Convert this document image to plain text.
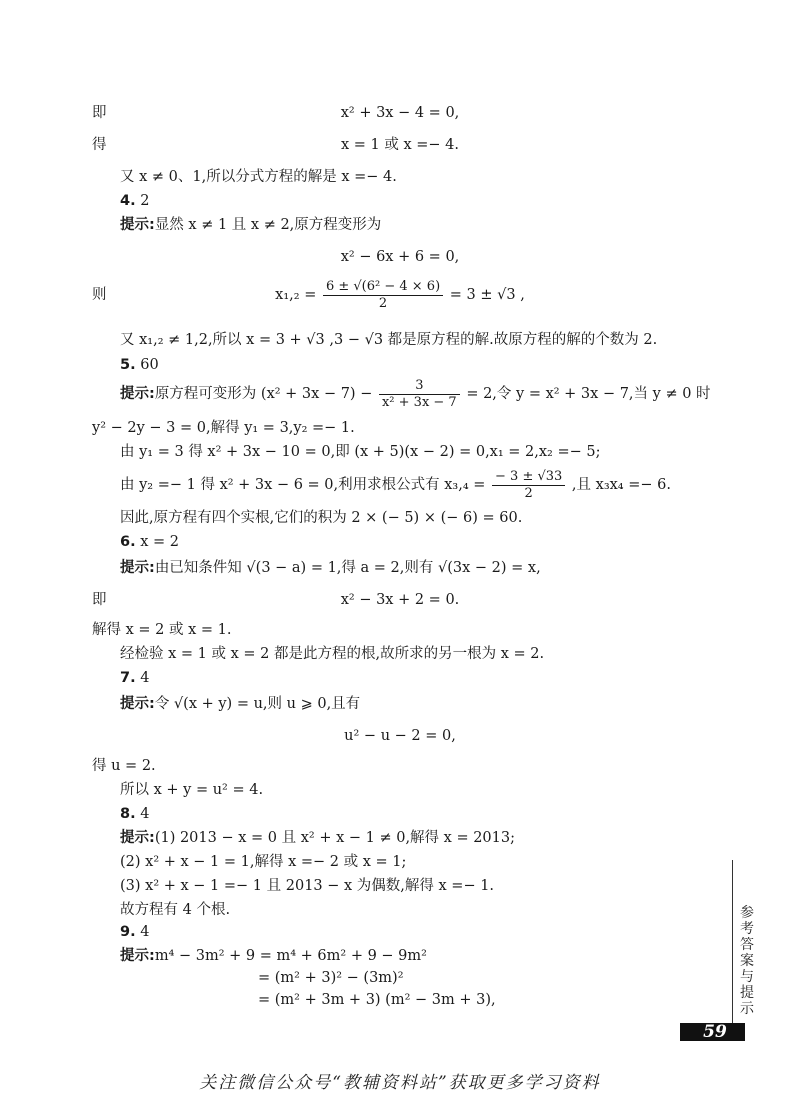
即	x² + 3x − 4 = 0,
得	x = 1 或 x =− 4.
又 x ≠ 0、1,所以分式方程的解是 x =− 4.
4. 2
提示:显然 x ≠ 1 且 x ≠ 2,原方程变形为
x² − 6x + 6 = 0,
则	$x_1,_2 = \frac{\text{6 ± √(6² − 4 × 6)}}{2} = 3 \pm √3$ ,
又 x₁,₂ ≠ 1,2,所以 x = 3 + √3 ,3 − √3 都是原方程的解.故原方程的解的个数为 2.
5. 60
提示:原方程可变形为 $(x^2 + 3x - 7) - \frac{3}{\text{x² + 3x − 7}} = 2$,令 y = x² + 3x − 7,当 y ≠ 0 时
y² − 2y − 3 = 0,解得 y₁ = 3,y₂ =− 1.
由 y₁ = 3 得 x² + 3x − 10 = 0,即 (x + 5)(x − 2) = 0,x₁ = 2,x₂ =− 5;
由 y₂ =− 1 得 x² + 3x − 6 = 0,利用求根公式有 $x_3,_4 = \frac{- 3 \pm √33}{2}$ ,且 x₃x₄ =− 6.
因此,原方程有四个实根,它们的积为 2 × (− 5) × (− 6) = 60.
6. x = 2
提示:由已知条件知 √(3 − a) = 1,得 a = 2,则有 √(3x − 2) = x,
即	x² − 3x + 2 = 0.
解得 x = 2 或 x = 1.
经检验 x = 1 或 x = 2 都是此方程的根,故所求的另一根为 x = 2.
7. 4
提示:令 √(x + y) = u,则 u ⩾ 0,且有
u² − u − 2 = 0,
得 u = 2.
所以 x + y = u² = 4.
8. 4
提示:(1) 2013 − x = 0 且 x² + x − 1 ≠ 0,解得 x = 2013;
(2) x² + x − 1 = 1,解得 x =− 2 或 x = 1;
(3) x² + x − 1 =− 1 且 2013 − x 为偶数,解得 x =− 1.
故方程有 4 个根.
9. 4
提示:m⁴ − 3m² + 9 = m⁴ + 6m² + 9 − 9m²
= (m² + 3)² − (3m)²
= (m² + 3m + 3) (m² − 3m + 3),
参考答案与提示
59
关注微信公众号“教辅资料站”获取更多学习资料
